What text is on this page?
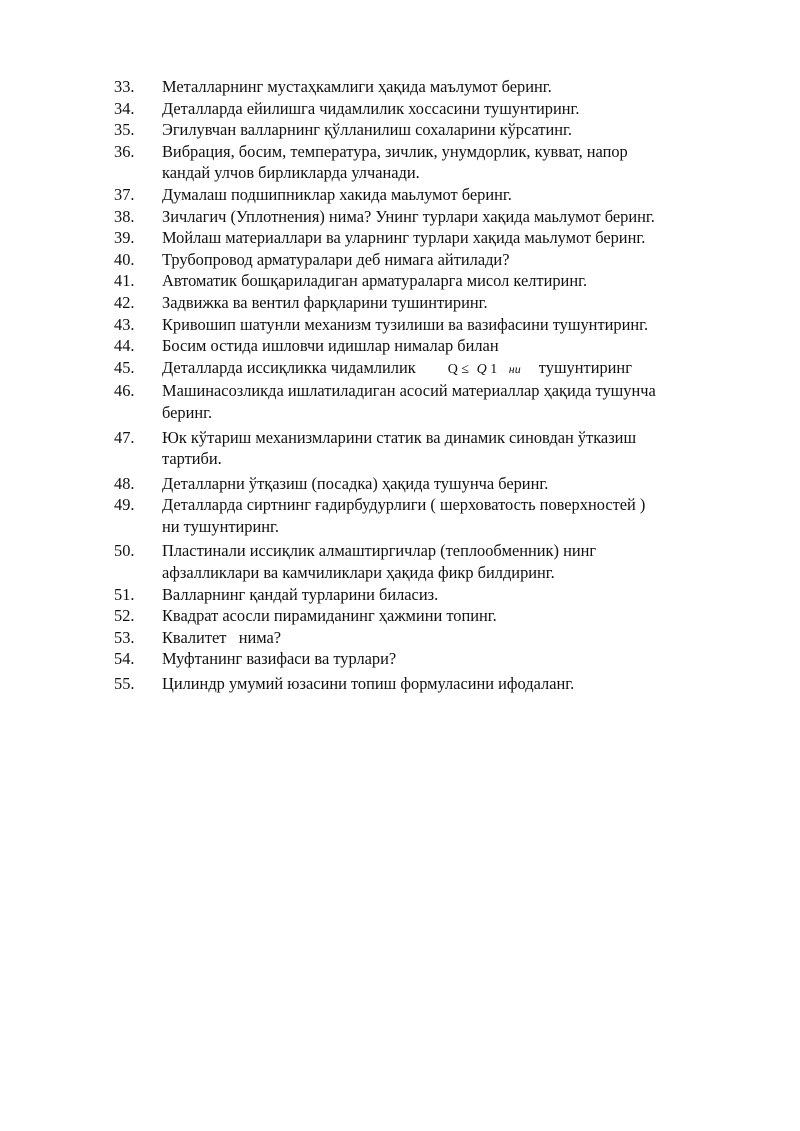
33.	Металларнинг мустаҳкамлиги ҳақида маълумот беринг.
34.	Деталларда ейилишга чидамлилик хоссасини тушунтиринг.
35.	Эгилувчан валларнинг қўлланилиш сохаларини кўрсатинг.
36.	Вибрация, босим, температура, зичлик, унумдорлик, кувват, напор
кандай улчов бирликларда улчанади.
37.	Думалаш подшипниклар хакида маьлумот беринг.
38.	Зичлагич (Уплотнения) нима? Унинг турлари хақида маьлумот беринг.
39.	Мойлаш материаллари ва уларнинг турлари хақида маьлумот беринг.
40.	Трубопровод арматуралари деб нимага айтилади?
41.	Автоматик бошқариладиган арматураларга мисол келтиринг.
42.	Задвижка ва вентил фарқларини тушинтиринг.
43.	Кривошип шатунли механизм тузилиши ва вазифасини тушунтиринг.
44.	Босим остида ишловчи идишлар нималар билан
45.	Деталларда иссиқликка чидамлилик Q ≤ Q 1 ни тушунтиринг
46.	Машинасозликда ишлатиладиган асосий материаллар ҳақида тушунча
беринг.
47.	Юк кўтариш механизмларини статик ва динамик синовдан ўтказиш
тартиби.
48.	Деталларни ўтқазиш (посадка) ҳақида тушунча беринг.
49.	Деталларда сиртнинг ғадирбудурлиги ( шерховатость поверхностей )
ни тушунтиринг.
50.	Пластинали иссиқлик алмаштиргичлар (теплообменник) нинг
афзалликлари ва камчиликлари ҳақида фикр билдиринг.
51.	Валларнинг қандай турларини биласиз.
52.	Квадрат асосли пирамиданинг ҳажмини топинг.
53.	Квалитет   нима?
54.	Муфтанинг вазифаси ва турлари?
55.	Цилиндр умумий юзасини топиш формуласини ифодаланг.
